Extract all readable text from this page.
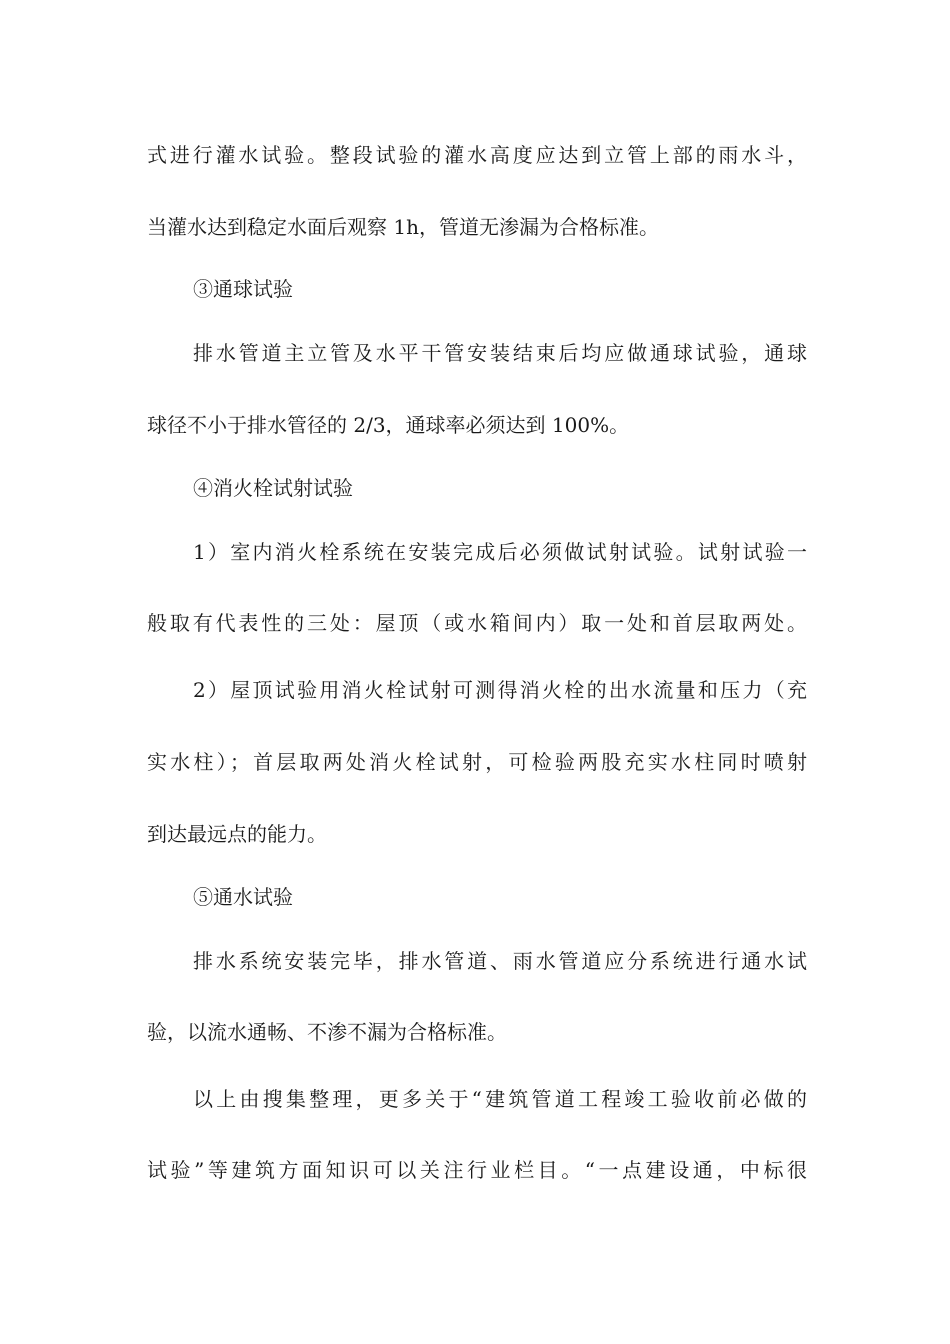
式进行灌水试验。整段试验的灌水高度应达到立管上部的雨水斗，
当灌水达到稳定水面后观察 1h，管道无渗漏为合格标准。
③通球试验
排水管道主立管及水平干管安装结束后均应做通球试验，通球
球径不小于排水管径的 2/3，通球率必须达到 100%。
④消火栓试射试验
1）室内消火栓系统在安装完成后必须做试射试验。试射试验一
般取有代表性的三处：屋顶（或水箱间内）取一处和首层取两处。
2）屋顶试验用消火栓试射可测得消火栓的出水流量和压力（充
实水柱）；首层取两处消火栓试射，可检验两股充实水柱同时喷射
到达最远点的能力。
⑤通水试验
排水系统安装完毕，排水管道、雨水管道应分系统进行通水试
验，以流水通畅、不渗不漏为合格标准。
以上由搜集整理，更多关于“建筑管道工程竣工验收前必做的
试验”等建筑方面知识可以关注行业栏目。“一点建设通，中标很
